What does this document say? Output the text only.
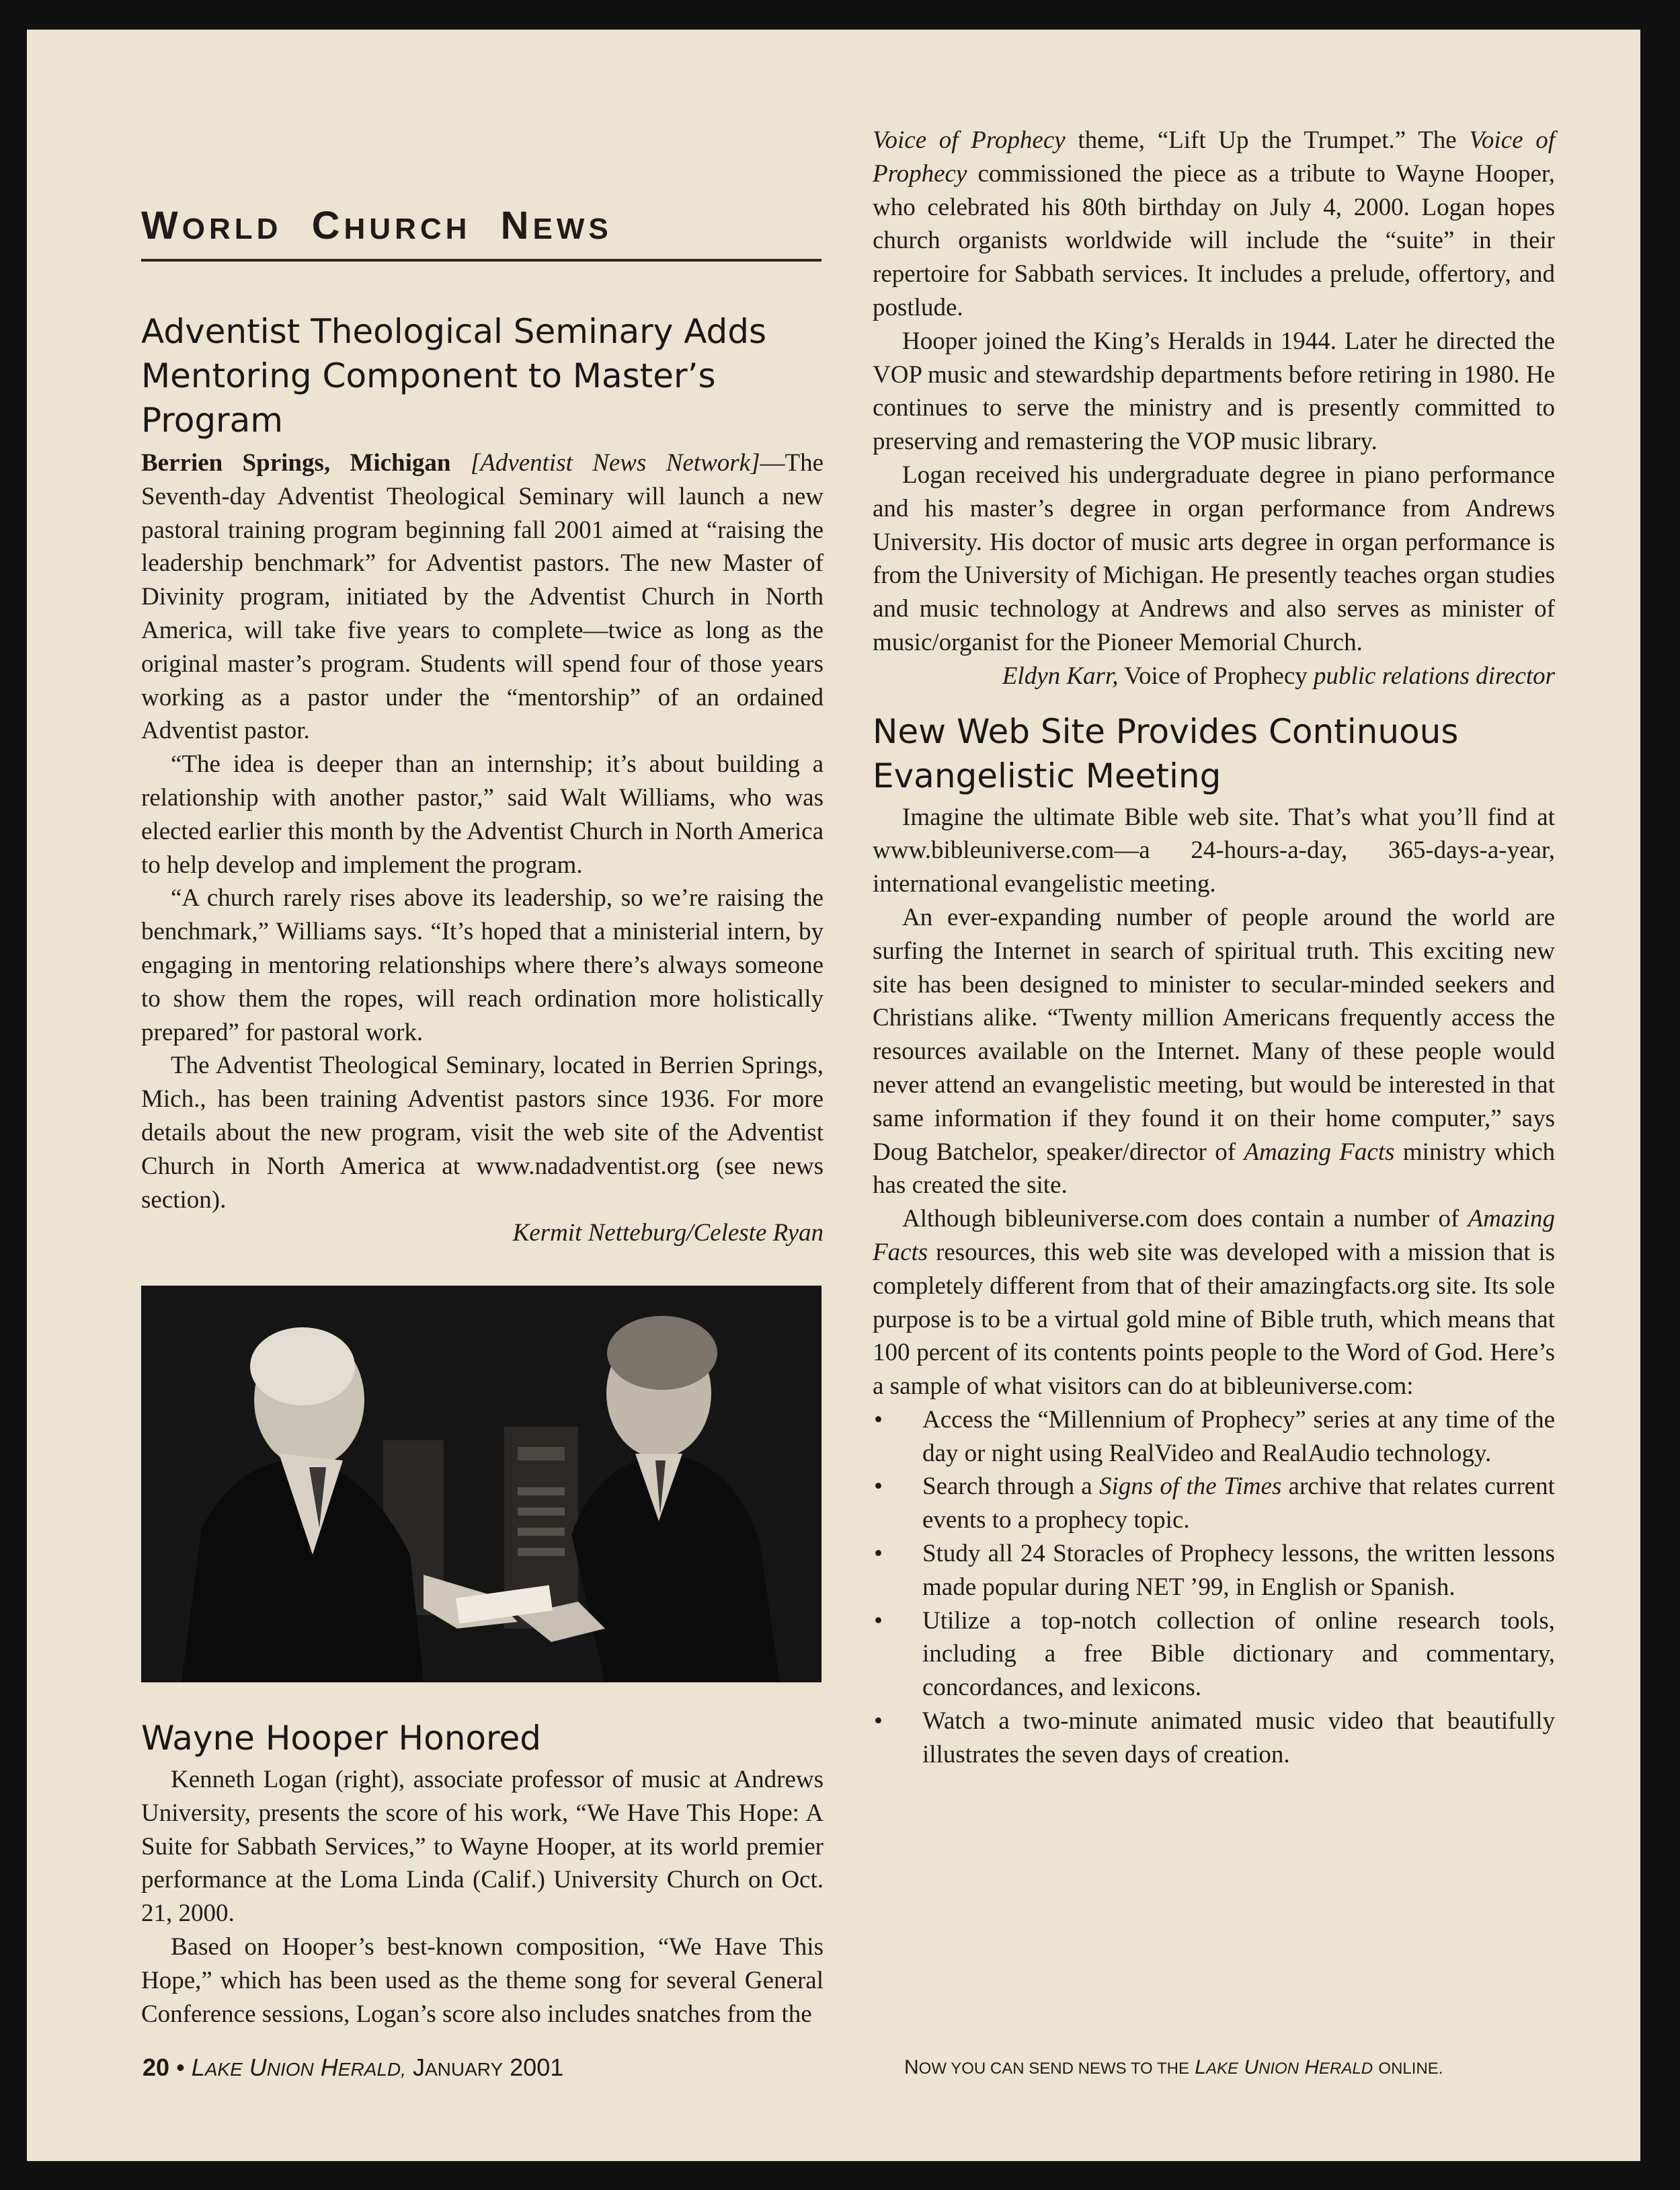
WORLD CHURCH NEWS
Adventist Theological Seminary Adds Mentoring Component to Master’s Program

Berrien Springs, Michigan [Adventist News Network]—The Seventh-day Adventist Theological Seminary will launch a new pastoral training program beginning fall 2001 aimed at “raising the leadership benchmark” for Adventist pastors. The new Master of Divinity program, initiated by the Adventist Church in North America, will take five years to complete—twice as long as the original master’s program. Students will spend four of those years working as a pastor under the “mentorship” of an ordained Adventist pastor.

“The idea is deeper than an internship; it’s about building a relationship with another pastor,” said Walt Williams, who was elected earlier this month by the Adventist Church in North America to help develop and implement the program.

“A church rarely rises above its leadership, so we’re raising the benchmark,” Williams says. “It’s hoped that a ministerial intern, by engaging in mentoring relationships where there’s always someone to show them the ropes, will reach ordination more holistically prepared” for pastoral work.

The Adventist Theological Seminary, located in Berrien Springs, Mich., has been training Adventist pastors since 1936. For more details about the new program, visit the web site of the Adventist Church in North America at www.nadadventist.org (see news section).

Kermit Netteburg/Celeste Ryan

Wayne Hooper Honored

Kenneth Logan (right), associate professor of music at Andrews University, presents the score of his work, “We Have This Hope: A Suite for Sabbath Services,” to Wayne Hooper, at its world premier performance at the Loma Linda (Calif.) University Church on Oct. 21, 2000.

Based on Hooper’s best-known composition, “We Have This Hope,” which has been used as the theme song for several General Conference sessions, Logan’s score also includes snatches from the

Voice of Prophecy theme, “Lift Up the Trumpet.” The Voice of Prophecy commissioned the piece as a tribute to Wayne Hooper, who celebrated his 80th birthday on July 4, 2000. Logan hopes church organists worldwide will include the “suite” in their repertoire for Sabbath services. It includes a prelude, offertory, and postlude.

Hooper joined the King’s Heralds in 1944. Later he directed the VOP music and stewardship departments before retiring in 1980. He continues to serve the ministry and is presently committed to preserving and remastering the VOP music library.

Logan received his undergraduate degree in piano performance and his master’s degree in organ performance from Andrews University. His doctor of music arts degree in organ performance is from the University of Michigan. He presently teaches organ studies and music technology at Andrews and also serves as minister of music/organist for the Pioneer Memorial Church.

Eldyn Karr, Voice of Prophecy public relations director

New Web Site Provides Continuous Evangelistic Meeting

Imagine the ultimate Bible web site. That’s what you’ll find at www.bibleuniverse.com—a 24-hours-a-day, 365-days-a-year, international evangelistic meeting.

An ever-expanding number of people around the world are surfing the Internet in search of spiritual truth. This exciting new site has been designed to minister to secular-minded seekers and Christians alike. “Twenty million Americans frequently access the resources available on the Internet. Many of these people would never attend an evangelistic meeting, but would be interested in that same information if they found it on their home computer,” says Doug Batchelor, speaker/director of Amazing Facts ministry which has created the site.

Although bibleuniverse.com does contain a number of Amazing Facts resources, this web site was developed with a mission that is completely different from that of their amazingfacts.org site. Its sole purpose is to be a virtual gold mine of Bible truth, which means that 100 percent of its contents points people to the Word of God. Here’s a sample of what visitors can do at bibleuniverse.com:

• Access the “Millennium of Prophecy” series at any time of the day or night using RealVideo and RealAudio technology.
• Search through a Signs of the Times archive that relates current events to a prophecy topic.
• Study all 24 Storacles of Prophecy lessons, the written lessons made popular during NET ’99, in English or Spanish.
• Utilize a top-notch collection of online research tools, including a free Bible dictionary and commentary, concordances, and lexicons.
• Watch a two-minute animated music video that beautifully illustrates the seven days of creation.
20 • LAKE UNION HERALD, JANUARY 2001	NOW YOU CAN SEND NEWS TO THE LAKE UNION HERALD ONLINE.
